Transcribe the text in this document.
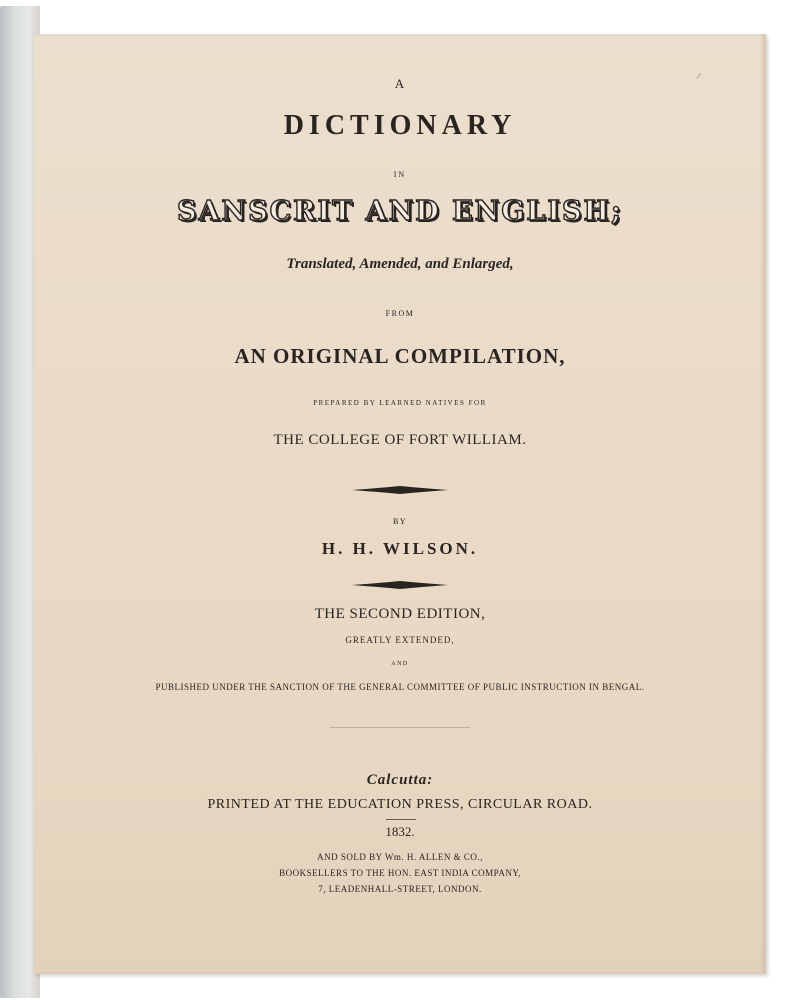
/
A
DICTIONARY
IN
SANSCRIT AND ENGLISH;
Translated, Amended, and Enlarged,
FROM
AN ORIGINAL COMPILATION,
PREPARED BY LEARNED NATIVES FOR
THE COLLEGE OF FORT WILLIAM.
BY
H. H. WILSON.
THE SECOND EDITION,
GREATLY EXTENDED,
AND
PUBLISHED UNDER THE SANCTION OF THE GENERAL COMMITTEE OF PUBLIC INSTRUCTION IN BENGAL.
Calcutta:
PRINTED AT THE EDUCATION PRESS, CIRCULAR ROAD.
1832.
AND SOLD BY Wm. H. ALLEN & CO.,
BOOKSELLERS TO THE HON. EAST INDIA COMPANY,
7, LEADENHALL-STREET, LONDON.
